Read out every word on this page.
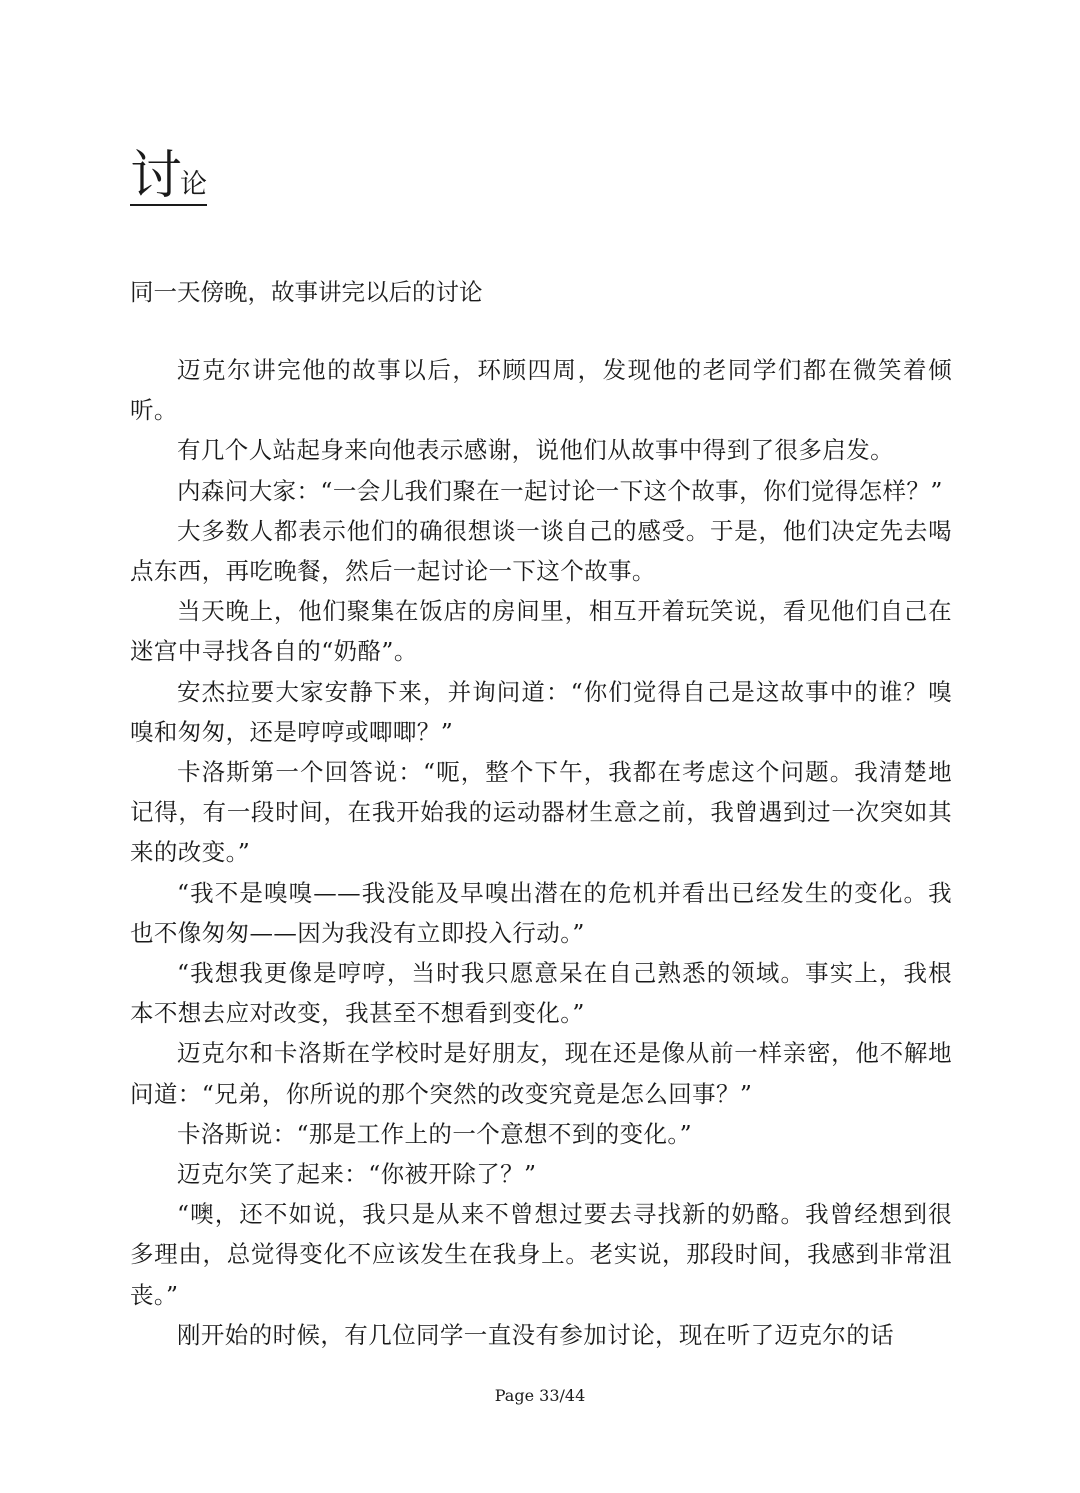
讨论

同一天傍晚，故事讲完以后的讨论

迈克尔讲完他的故事以后，环顾四周，发现他的老同学们都在微笑着倾听。

有几个人站起身来向他表示感谢，说他们从故事中得到了很多启发。

内森问大家：“一会儿我们聚在一起讨论一下这个故事，你们觉得怎样？”

大多数人都表示他们的确很想谈一谈自己的感受。于是，他们决定先去喝点东西，再吃晚餐，然后一起讨论一下这个故事。

当天晚上，他们聚集在饭店的房间里，相互开着玩笑说，看见他们自己在迷宫中寻找各自的“奶酪”。

安杰拉要大家安静下来，并询问道：“你们觉得自己是这故事中的谁？嗅嗅和匆匆，还是哼哼或唧唧？”

卡洛斯第一个回答说：“呃，整个下午，我都在考虑这个问题。我清楚地记得，有一段时间，在我开始我的运动器材生意之前，我曾遇到过一次突如其来的改变。”

“我不是嗅嗅——我没能及早嗅出潜在的危机并看出已经发生的变化。我也不像匆匆——因为我没有立即投入行动。”

“我想我更像是哼哼，当时我只愿意呆在自己熟悉的领域。事实上，我根本不想去应对改变，我甚至不想看到变化。”

迈克尔和卡洛斯在学校时是好朋友，现在还是像从前一样亲密，他不解地问道：“兄弟，你所说的那个突然的改变究竟是怎么回事？”

卡洛斯说：“那是工作上的一个意想不到的变化。”

迈克尔笑了起来：“你被开除了？”

“噢，还不如说，我只是从来不曾想过要去寻找新的奶酪。我曾经想到很多理由，总觉得变化不应该发生在我身上。老实说，那段时间，我感到非常沮丧。”

刚开始的时候，有几位同学一直没有参加讨论，现在听了迈克尔的话

Page 33/44
